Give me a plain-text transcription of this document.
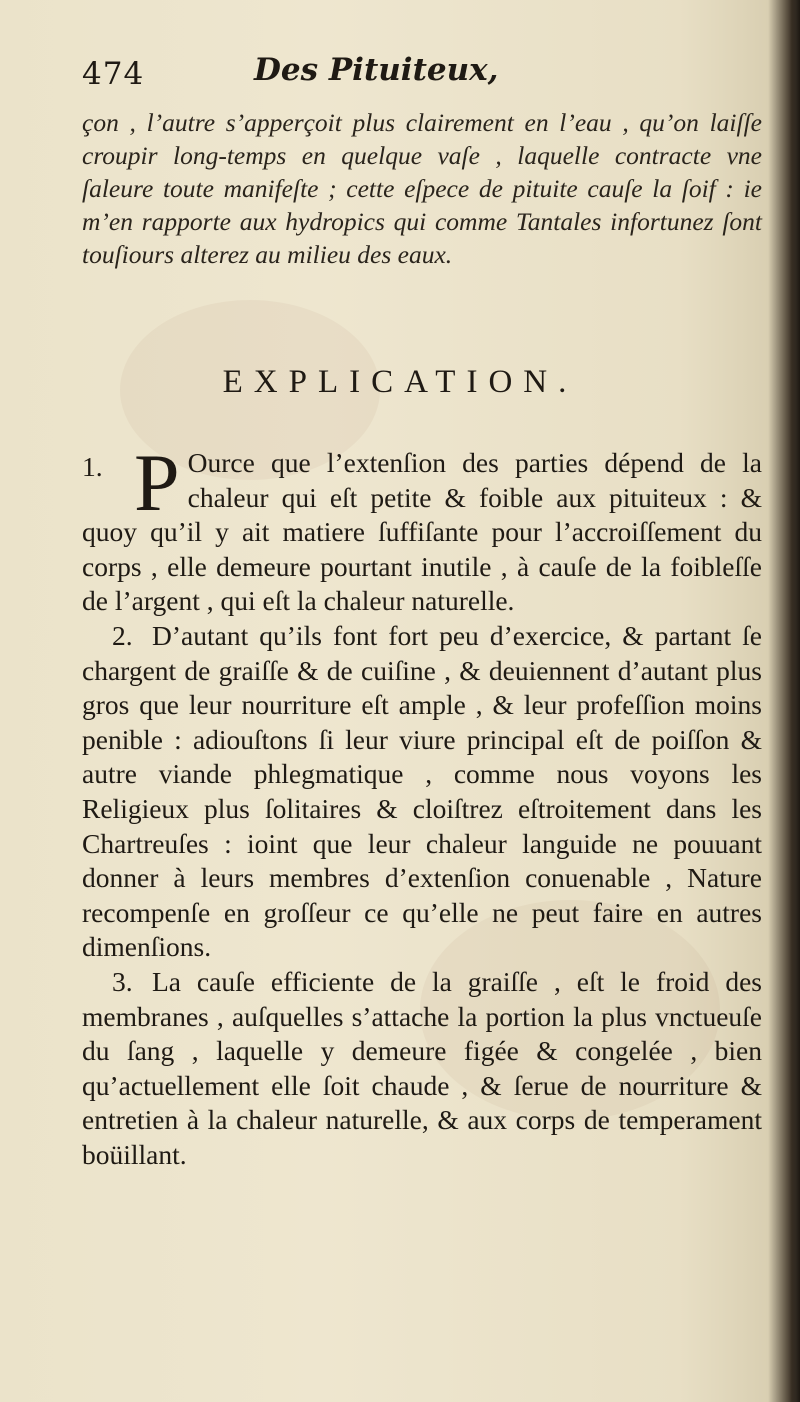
474	Des Pituiteux,
çon , l’autre s’apperçoit plus clairement en l’eau , qu’on laiſſe croupir long-temps en quelque vaſe , laquelle contracte vne ſaleure toute manifeſte ; cette eſpece de pituite cauſe la ſoif : ie m’en rapporte aux hydropics qui comme Tantales infortunez ſont touſiours alterez au milieu des eaux.
EXPLICATION.

1. P Ource que l’extenſion des parties dépend de la chaleur qui eſt petite & foible aux pituiteux : & quoy qu’il y ait matiere ſuffiſante pour l’accroiſſement du corps , elle demeure pourtant inutile , à cauſe de la foibleſſe de l’argent , qui eſt la chaleur naturelle.

2. D’autant qu’ils font fort peu d’exercice, & partant ſe chargent de graiſſe & de cuiſine , & deuiennent d’autant plus gros que leur nourriture eſt ample , & leur profeſſion moins penible : adiouſtons ſi leur viure principal eſt de poiſſon & autre viande phlegmatique , comme nous voyons les Religieux plus ſolitaires & cloiſtrez eſtroitement dans les Chartreuſes : ioint que leur chaleur languide ne pouuant donner à leurs membres d’extenſion conuenable , Nature recompenſe en groſſeur ce qu’elle ne peut faire en autres dimenſions.

3. La cauſe efficiente de la graiſſe , eſt le froid des membranes , auſquelles s’attache la portion la plus vnctueuſe du ſang , laquelle y demeure figée & congelée , bien qu’actuellement elle ſoit chaude , & ſerue de nourriture & entretien à la chaleur naturelle, & aux corps de temperament boüillant.
